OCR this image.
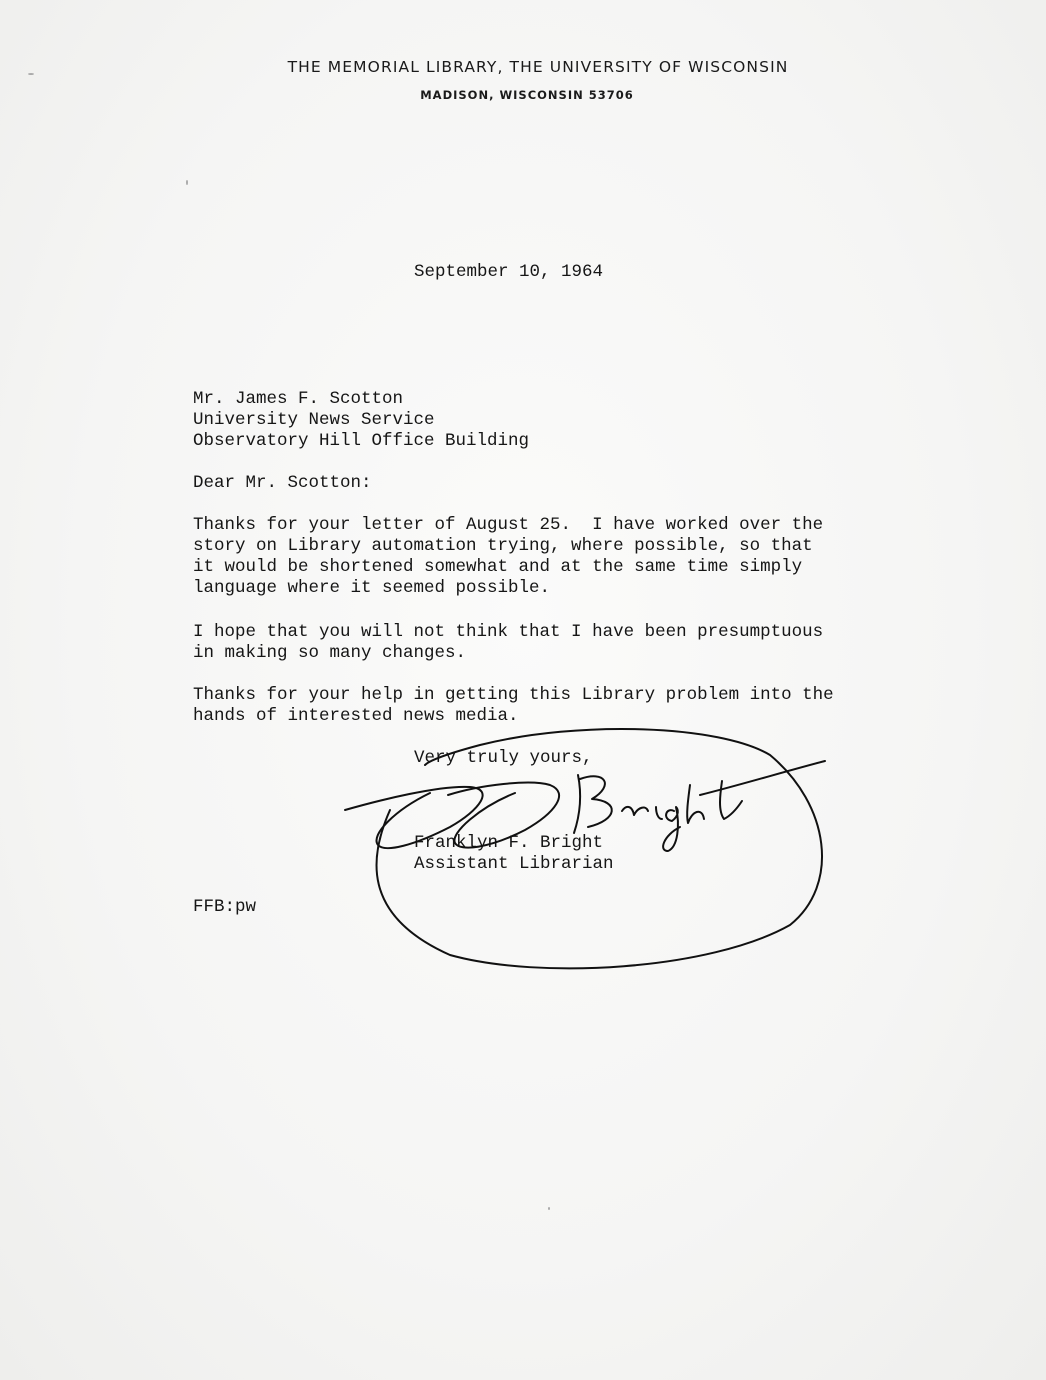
THE MEMORIAL LIBRARY, THE UNIVERSITY OF WISCONSIN
MADISON, WISCONSIN 53706
September 10, 1964
Mr. James F. Scotton
University News Service
Observatory Hill Office Building
Dear Mr. Scotton:
Thanks for your letter of August 25.  I have worked over the
story on Library automation trying, where possible, so that
it would be shortened somewhat and at the same time simply
language where it seemed possible.
I hope that you will not think that I have been presumptuous
in making so many changes.
Thanks for your help in getting this Library problem into the
hands of interested news media.
Very truly yours,
Franklyn F. Bright
Assistant Librarian
FFB:pw
